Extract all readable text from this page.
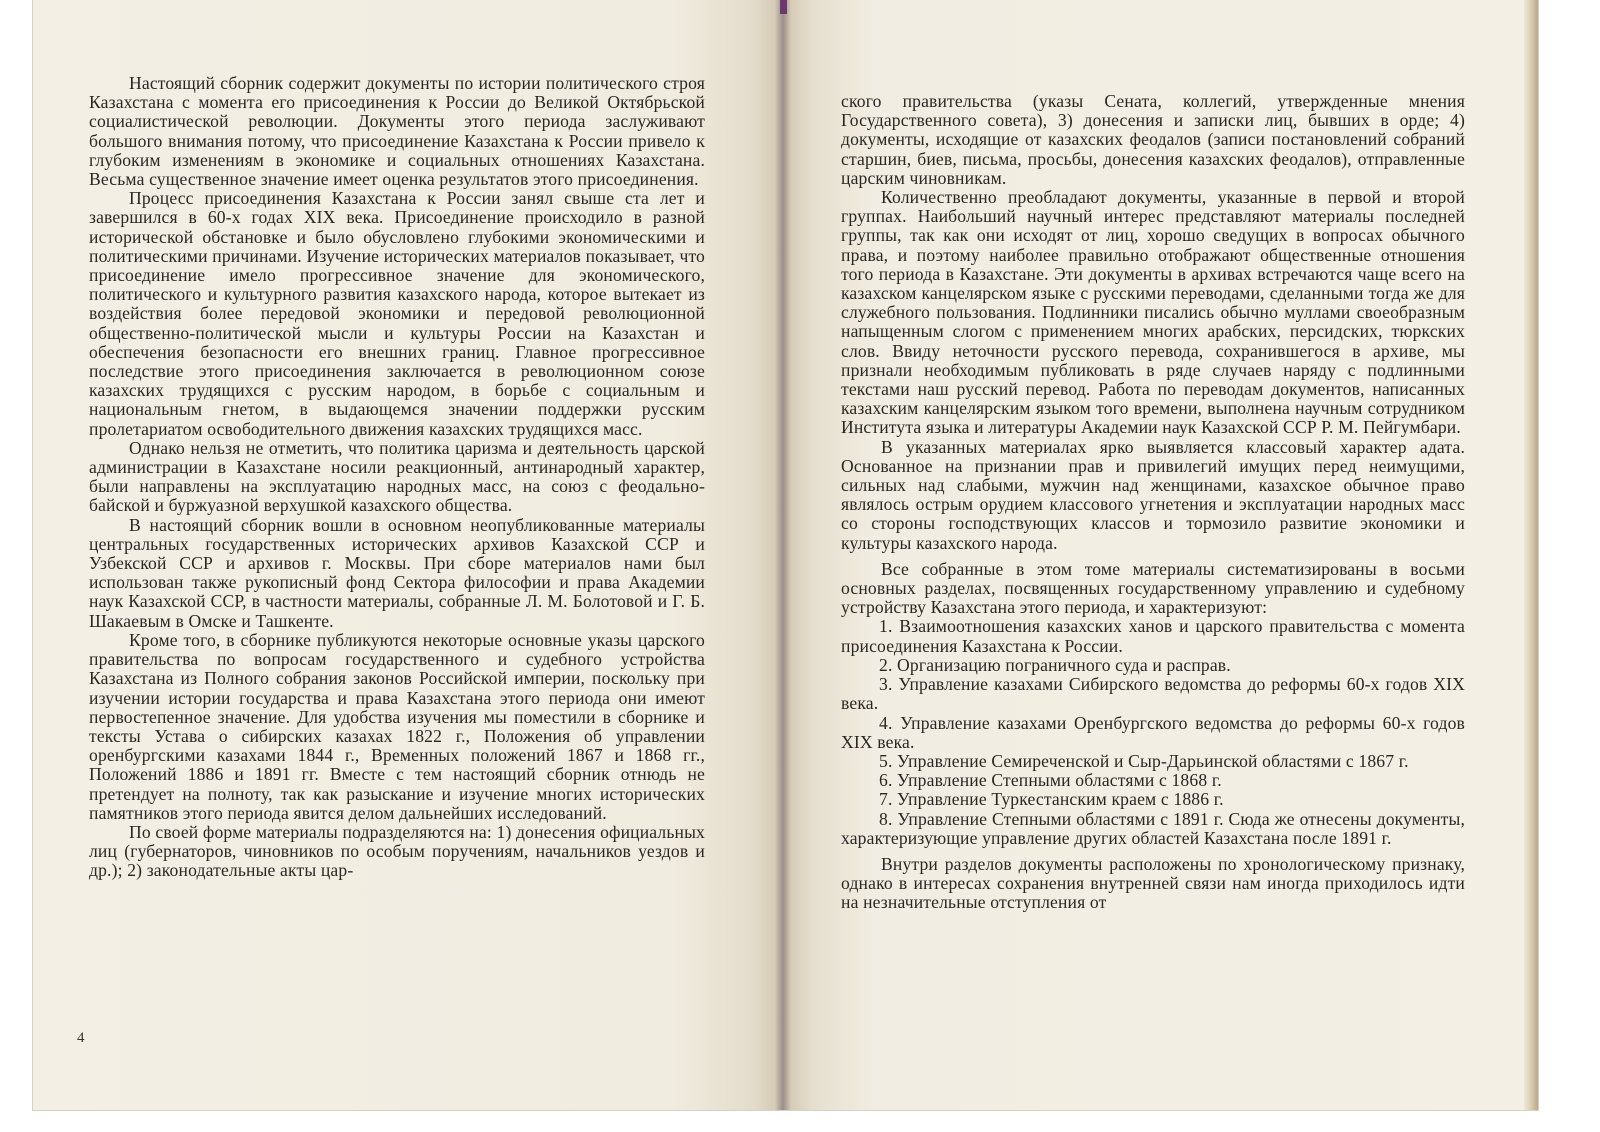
Настоящий сборник содержит документы по истории политического строя Казахстана с момента его присоединения к России до Великой Октябрьской социалистической революции. Документы этого периода заслуживают большого внимания потому, что присоединение Казахстана к России привело к глубоким изменениям в экономике и социальных отношениях Казахстана. Весьма существенное значение имеет оценка результатов этого присоединения.

Процесс присоединения Казахстана к России занял свыше ста лет и завершился в 60-х годах XIX века. Присоединение происходило в разной исторической обстановке и было обусловлено глубокими экономическими и политическими причинами. Изучение исторических материалов показывает, что присоединение имело прогрессивное значение для экономического, политического и культурного развития казахского народа, которое вытекает из воздействия более передовой экономики и передовой революционной общественно-политической мысли и культуры России на Казахстан и обеспечения безопасности его внешних границ. Главное прогрессивное последствие этого присоединения заключается в революционном союзе казахских трудящихся с русским народом, в борьбе с социальным и национальным гнетом, в выдающемся значении поддержки русским пролетариатом освободительного движения казахских трудящихся масс.

Однако нельзя не отметить, что политика царизма и деятельность царской администрации в Казахстане носили реакционный, антинародный характер, были направлены на эксплуатацию народных масс, на союз с феодально-байской и буржуазной верхушкой казахского общества.

В настоящий сборник вошли в основном неопубликованные материалы центральных государственных исторических архивов Казахской ССР и Узбекской ССР и архивов г. Москвы. При сборе материалов нами был использован также рукописный фонд Сектора философии и права Академии наук Казахской ССР, в частности материалы, собранные Л. М. Болотовой и Г. Б. Шакаевым в Омске и Ташкенте.

Кроме того, в сборнике публикуются некоторые основные указы царского правительства по вопросам государственного и судебного устройства Казахстана из Полного собрания законов Российской империи, поскольку при изучении истории государства и права Казахстана этого периода они имеют первостепенное значение. Для удобства изучения мы поместили в сборнике и тексты Устава о сибирских казахах 1822 г., Положения об управлении оренбургскими казахами 1844 г., Временных положений 1867 и 1868 гг., Положений 1886 и 1891 гг. Вместе с тем настоящий сборник отнюдь не претендует на полноту, так как разыскание и изучение многих исторических памятников этого периода явится делом дальнейших исследований.

По своей форме материалы подразделяются на: 1) донесения официальных лиц (губернаторов, чиновников по особым поручениям, начальников уездов и др.); 2) законодательные акты цар-

4

ского правительства (указы Сената, коллегий, утвержденные мнения Государственного совета), 3) донесения и записки лиц, бывших в орде; 4) документы, исходящие от казахских феодалов (записи постановлений собраний старшин, биев, письма, просьбы, донесения казахских феодалов), отправленные царским чиновникам.

Количественно преобладают документы, указанные в первой и второй группах. Наибольший научный интерес представляют материалы последней группы, так как они исходят от лиц, хорошо сведущих в вопросах обычного права, и поэтому наиболее правильно отображают общественные отношения того периода в Казахстане. Эти документы в архивах встречаются чаще всего на казахском канцелярском языке с русскими переводами, сделанными тогда же для служебного пользования. Подлинники писались обычно муллами своеобразным напыщенным слогом с применением многих арабских, персидских, тюркских слов. Ввиду неточности русского перевода, сохранившегося в архиве, мы признали необходимым публиковать в ряде случаев наряду с подлинными текстами наш русский перевод. Работа по переводам документов, написанных казахским канцелярским языком того времени, выполнена научным сотрудником Института языка и литературы Академии наук Казахской ССР Р. М. Пейгумбари.

В указанных материалах ярко выявляется классовый характер адата. Основанное на признании прав и привилегий имущих перед неимущими, сильных над слабыми, мужчин над женщинами, казахское обычное право являлось острым орудием классового угнетения и эксплуатации народных масс со стороны господствующих классов и тормозило развитие экономики и культуры казахского народа.

Все собранные в этом томе материалы систематизированы в восьми основных разделах, посвященных государственному управлению и судебному устройству Казахстана этого периода, и характеризуют:

1. Взаимоотношения казахских ханов и царского правительства с момента присоединения Казахстана к России.

2. Организацию пограничного суда и расправ.

3. Управление казахами Сибирского ведомства до реформы 60-х годов XIX века.

4. Управление казахами Оренбургского ведомства до реформы 60-х годов XIX века.

5. Управление Семиреченской и Сыр-Дарьинской областями с 1867 г.

6. Управление Степными областями с 1868 г.

7. Управление Туркестанским краем с 1886 г.

8. Управление Степными областями с 1891 г. Сюда же отнесены документы, характеризующие управление других областей Казахстана после 1891 г.

Внутри разделов документы расположены по хронологическому признаку, однако в интересах сохранения внутренней связи нам иногда приходилось идти на незначительные отступления от
